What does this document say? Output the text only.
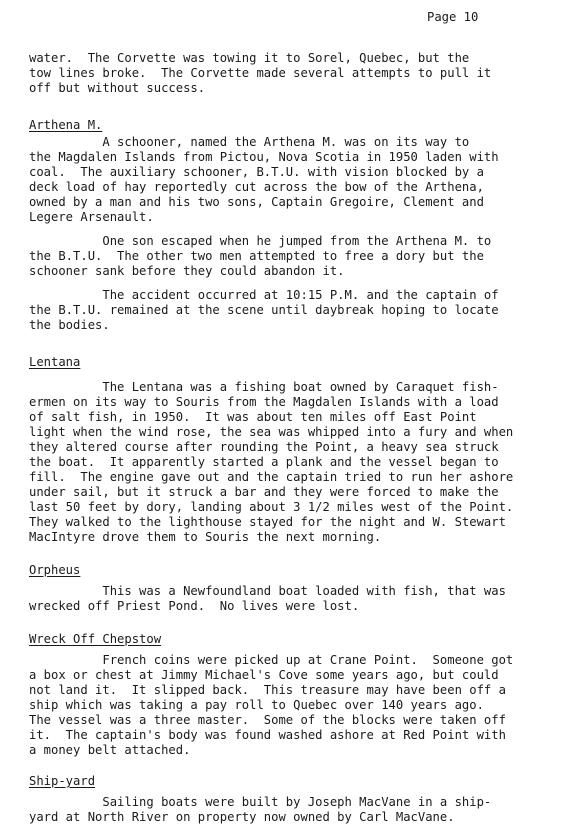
Page 10

water.  The Corvette was towing it to Sorel, Quebec, but the

tow lines broke.  The Corvette made several attempts to pull it

off but without success.

Arthena M.

A schooner, named the Arthena M. was on its way to

the Magdalen Islands from Pictou, Nova Scotia in 1950 laden with

coal.  The auxiliary schooner, B.T.U. with vision blocked by a

deck load of hay reportedly cut across the bow of the Arthena,

owned by a man and his two sons, Captain Gregoire, Clement and

Legere Arsenault.

One son escaped when he jumped from the Arthena M. to

the B.T.U.  The other two men attempted to free a dory but the

schooner sank before they could abandon it.

The accident occurred at 10:15 P.M. and the captain of

the B.T.U. remained at the scene until daybreak hoping to locate

the bodies.

Lentana

The Lentana was a fishing boat owned by Caraquet fish-

ermen on its way to Souris from the Magdalen Islands with a load

of salt fish, in 1950.  It was about ten miles off East Point

light when the wind rose, the sea was whipped into a fury and when

they altered course after rounding the Point, a heavy sea struck

the boat.  It apparently started a plank and the vessel began to

fill.  The engine gave out and the captain tried to run her ashore

under sail, but it struck a bar and they were forced to make the

last 50 feet by dory, landing about 3 1/2 miles west of the Point.

They walked to the lighthouse stayed for the night and W. Stewart

MacIntyre drove them to Souris the next morning.

Orpheus

This was a Newfoundland boat loaded with fish, that was

wrecked off Priest Pond.  No lives were lost.

Wreck Off Chepstow

French coins were picked up at Crane Point.  Someone got

a box or chest at Jimmy Michael's Cove some years ago, but could

not land it.  It slipped back.  This treasure may have been off a

ship which was taking a pay roll to Quebec over 140 years ago.

The vessel was a three master.  Some of the blocks were taken off

it.  The captain's body was found washed ashore at Red Point with

a money belt attached.

Ship-yard

Sailing boats were built by Joseph MacVane in a ship-

yard at North River on property now owned by Carl MacVane.
